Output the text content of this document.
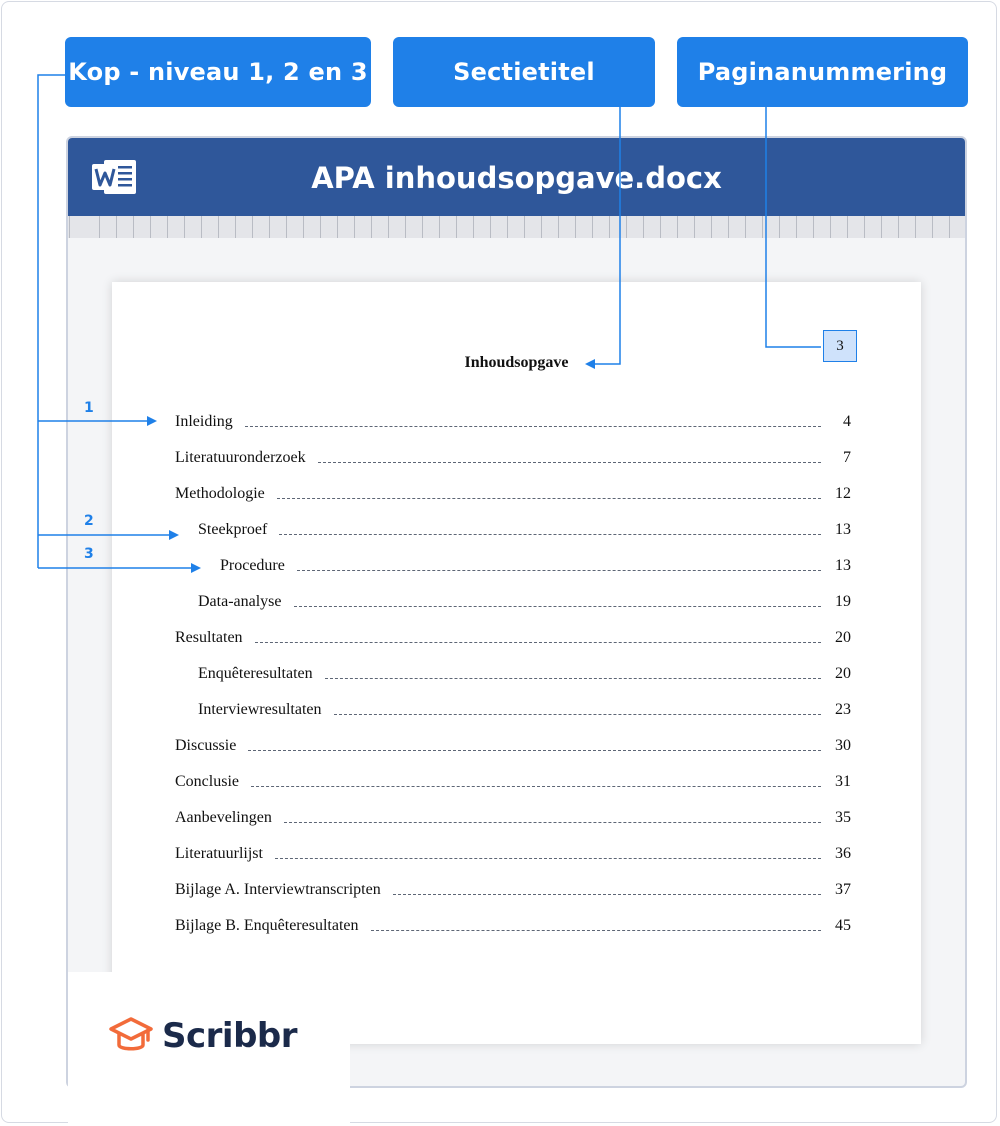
Kop - niveau 1, 2 en 3	Sectietitel	Paginanummering
APA inhoudsopgave.docx
3
Inhoudsopgave
Inleiding	4
Literatuuronderzoek	7
Methodologie	12
Steekproef	13
Procedure	13
Data-analyse	19
Resultaten	20
Enquêteresultaten	20
Interviewresultaten	23
Discussie	30
Conclusie	31
Aanbevelingen	35
Literatuurlijst	36
Bijlage A. Interviewtranscripten	37
Bijlage B. Enquêteresultaten	45
Scribbr
1
2
3
